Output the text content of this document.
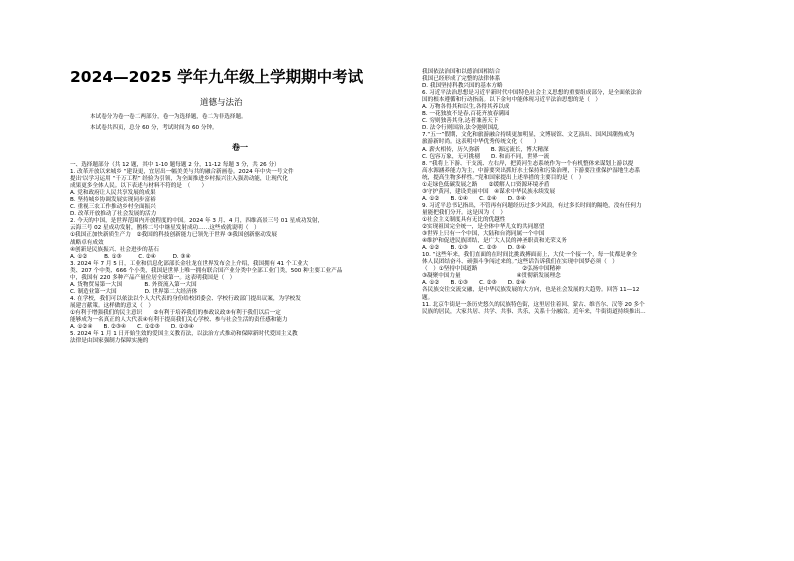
2024—2025 学年九年级上学期期中考试
道德与法治
本试卷分为卷一卷二两部分，卷一为选择题，卷二为非选择题。
本试卷共四页，总分 60 分，考试时间为 60 分钟。
卷一
一、选择题部分（共 12 题，其中 1-10 题每题 2 分，11-12 每题 3 分，共 26 分）
1. 改革开放以来城乡 “建设更，宜居出一幅美美与共的融合新画卷。2024 年中央一号文件
提出'以学习运用 “千万工程” 经验为引领，为全面推进乡村振兴注入强劲动能，让现代化
成果更多全体人民。以下表述与材料不符的是　（　　）
A. 党和政府让人民共享发展的成果
B. 坚持城乡协调发展实现同步富裕
C. 重视三农工作推动乡村全面振兴
D. 改革开放推动了社会发展的活力
2. 今天的中国，是世界范围内开放程度的中国。2024 年 3 月、4 月，四维高景三号 01 星成功发射，
云海三号 02 星成功发射，鹊桥二号中继星发射成功……这些成就说明（　）
①我国正加快新质生产力　②我国的科技创新能力已领先于世界 ③我国创新驱动发展
战略卓有成效
④创新是民族振兴、社会进步的基石
A. ①②　　　B. ①③　　　C. ②④　　　D. ③④
3. 2024 年 7 月 5 日，工业和信息化部部长金壮龙在世界发布会上介绍，我国拥有 41 个工业大
类、207 个中类、666 个小类，我国是世界上唯一拥有联合国产业分类中全部工业门类，500 种主要工业产品
中，我国有 220 多种产品产量位居全球第一。这表明我国是（　）
A. 货物贸易第一大国　　　　B. 外资流入第一大国
C. 制造业第一大国　　　　　D. 世界第二大经济体
4. 在学校，我们可以依法以个人大代表的身份给校团委会、学校行政部门提出议案，为学校发
展建言献策。这样做的意义（　）
①有利于增强我们的民主意识　　②有利于培养我们的参政议政③有利于我们以后一定
能够成为一名真正的人大代表④有利于提高我们关心学校、参与社会生活的责任感和能力
A. ①②④　　B. ②③④　　C. ①②③　　D. ①③④
5. 2024 年 1 月 1 日开始生效的爱国主义教育法，以法治方式推动和保障新时代爱国主义教
法律是由国家强制力保障实施的
我国依法治国和以德治国相结合
我国已经形成了完整的法律体系
D. 我国坚持科教兴国的基本方略
6. 习近平法治思想是习近平新时代中国特色社会主义思想的重要组成部分，是全面依法治
国的根本遵循和行动指南。以下金句中能体现习近平法治思想的是（　）
A. 万物各得其和以生,各得其养以成
B. 一花独放不是春,百花齐放春满园
C. 穷则独善其身,达者兼善天下
D. 法令行则国治,法令弛则国乱
7.“五一”假期，文化和旅游融合持续更加明显，文博展馆、文艺演出、国风国潮热成为
旅游新时尚。这表明中华优秀传统文化（　　）
A. 薪火相传，历久弥新　　B. 源远流长，博大精深
C. 包容万象，无可挑剔　　D. 和而不同，世界一流
8. “我将上下游、干支流、左右岸，把黄河生态系统作为一个有机整体来谋划上游以提
高水源涵养能力为主，中游要突出抓好水土保持和污染治理，下游要注重保护湿地生态系
统，提高生物多样性。”党和国家提出上述举措的主要目的是（　）
①走绿色低碳发展之路　　②缓解人口资源环境矛盾
③守护黄河，建设美丽中国　④谋求中华民族永续发展
A. ①②　　B. ①④　　C. ②④　　D. ③④
9. 习近平总书记指出，不管再有问题经历过多少风浪，有过多长时间的隔绝，没有任何力
量能把我们分开。这是因为（　）
①社会主义制度具有无比的优越性
②实现祖国完全统一，是全体中华儿女的共同愿望
③世界上只有一个中国，大陆和台湾同属一个中国
④维护和促进民族团结，是广大人民的神圣职责和光荣义务
A. ①②　　B. ①③　　C. ②③　　D. ③④
10. “这些年来，我们直面的在时间比挑战搏面而上，大仗一个接一个，每一仗都是拿全
体人民团结奋斗、顽强斗争闯过来的。”这些话告诉我们在实现中国梦必须（　）
（　）①坚持中国道路　　　　　　　　②弘扬中国精神
③凝聚中国力量　　　　　　　　　　④贯彻新发展理念
A. ①②　　B. ①③　　C. ②③　　D. ②④
各民族交往交流交融，是中华民族发展的大方向，也是社会发展的大趋势。回答 11—12
题。
11. 北京牛街是一条历史悠久的民族特色街，这里居住着回、蒙古、维吾尔、汉等 20 多个
民族的居民，大家共居、共学、共事、共乐，关系十分融洽。近年来，牛街街道持续推出…
